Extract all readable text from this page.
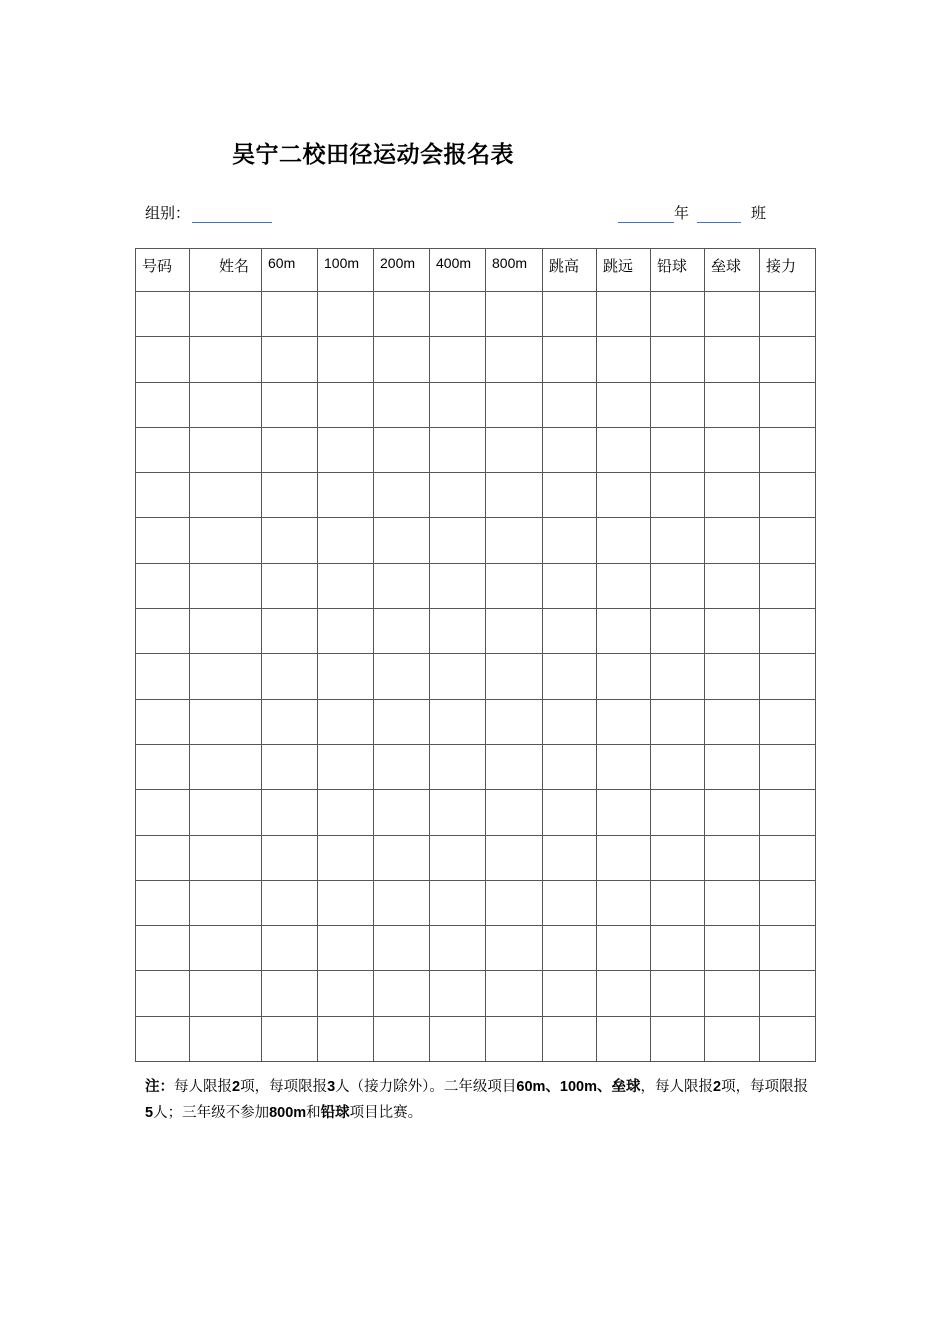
吴宁二校田径运动会报名表
组别：	年	班
号码	姓名	60m	100m	200m	400m	800m	跳高	跳远	铅球	垒球	接力

注：每人限报2项，每项限报3人（接力除外）。二年级项目60m、100m、垒球，每人限报2项，每项限报5人；三年级不参加800m和铅球项目比赛。
